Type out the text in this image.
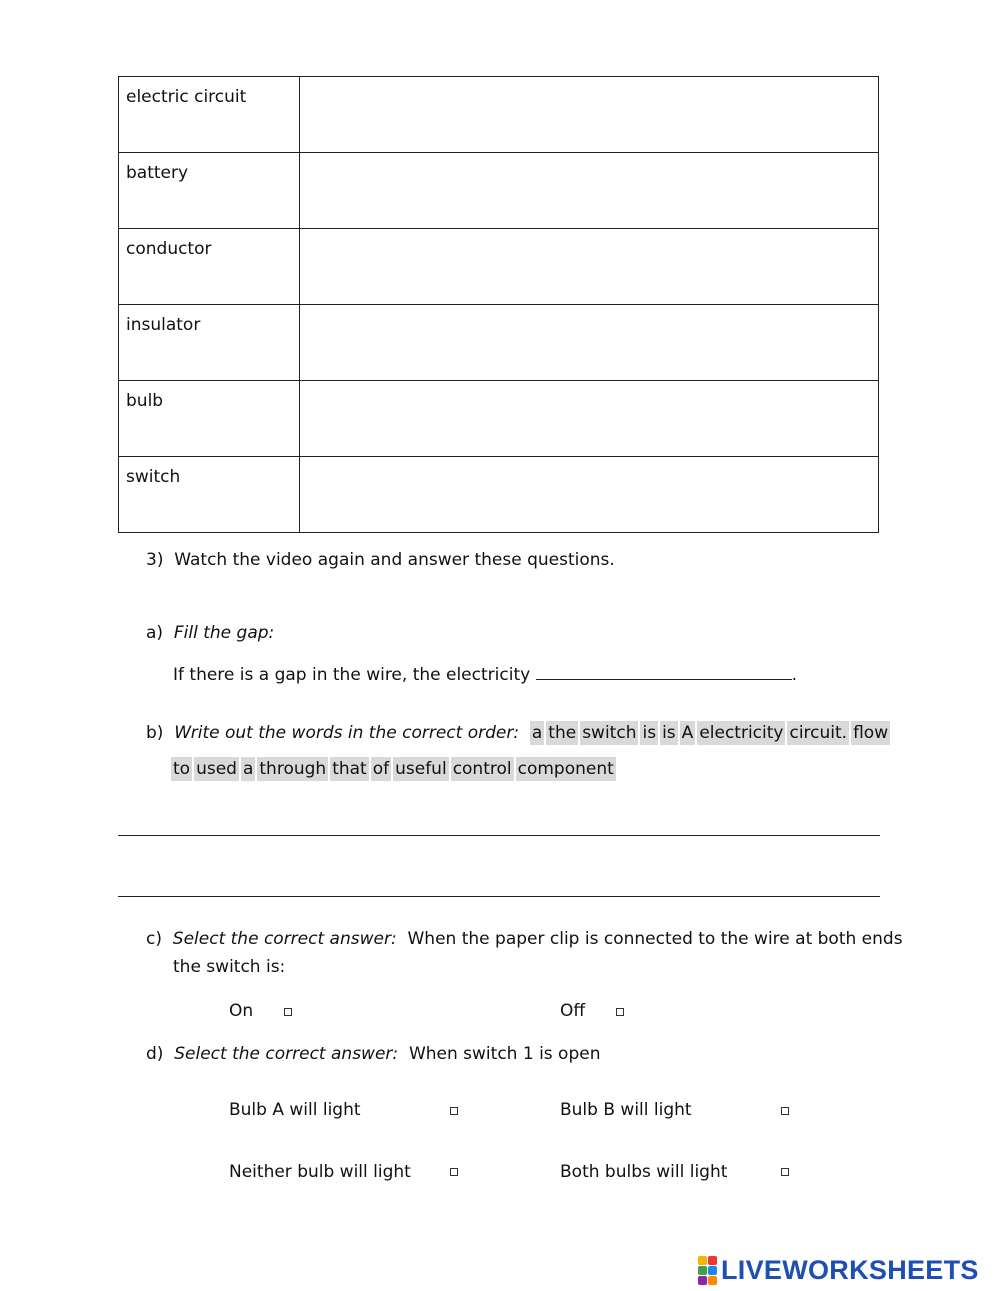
electric circuit	
battery	
conductor	
insulator	
bulb	
switch	
3) Watch the video again and answer these questions.
a) Fill the gap:
If there is a gap in the wire, the electricity	.
b) Write out the words in the correct order: a the switch is is A electricity circuit. flow
to used a through that of useful control component
c) Select the correct answer: When the paper clip is connected to the wire at both ends
the switch is:
On	Off
d) Select the correct answer: When switch 1 is open
Bulb A will light	Bulb B will light
Neither bulb will light	Both bulbs will light
LIVEWORKSHEETS
